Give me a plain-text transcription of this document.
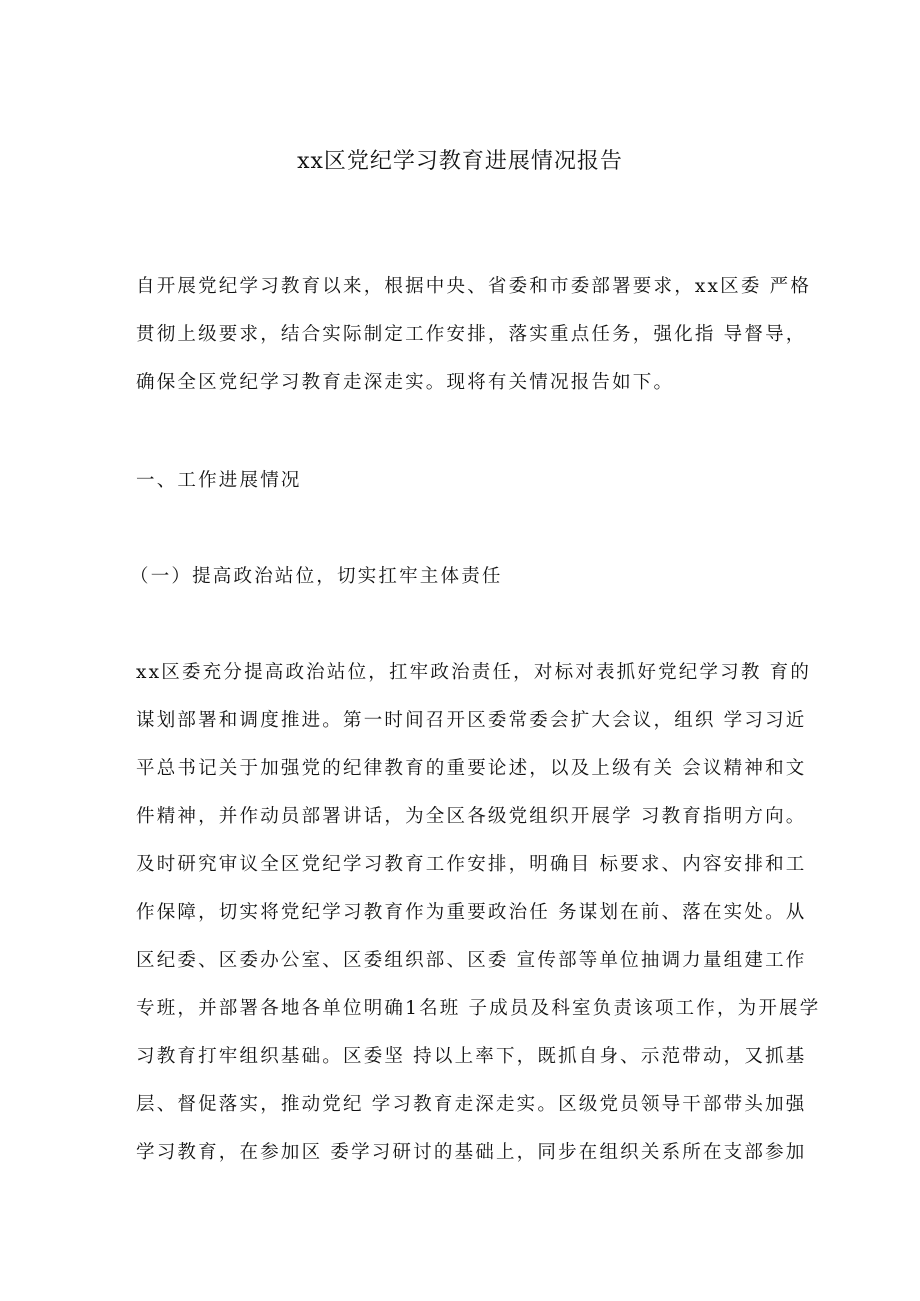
xx区党纪学习教育进展情况报告
自开展党纪学习教育以来，根据中央、省委和市委部署要求，xx区委 严格
贯彻上级要求，结合实际制定工作安排，落实重点任务，强化指 导督导，
确保全区党纪学习教育走深走实。现将有关情况报告如下。
一、工作进展情况
（一）提高政治站位，切实扛牢主体责任
xx区委充分提高政治站位，扛牢政治责任，对标对表抓好党纪学习教 育的
谋划部署和调度推进。第一时间召开区委常委会扩大会议，组织 学习习近
平总书记关于加强党的纪律教育的重要论述，以及上级有关 会议精神和文
件精神，并作动员部署讲话，为全区各级党组织开展学 习教育指明方向。
及时研究审议全区党纪学习教育工作安排，明确目 标要求、内容安排和工
作保障，切实将党纪学习教育作为重要政治任 务谋划在前、落在实处。从
区纪委、区委办公室、区委组织部、区委 宣传部等单位抽调力量组建工作
专班，并部署各地各单位明确1名班 子成员及科室负责该项工作，为开展学
习教育打牢组织基础。区委坚 持以上率下，既抓自身、示范带动，又抓基
层、督促落实，推动党纪 学习教育走深走实。区级党员领导干部带头加强
学习教育，在参加区 委学习研讨的基础上，同步在组织关系所在支部参加
